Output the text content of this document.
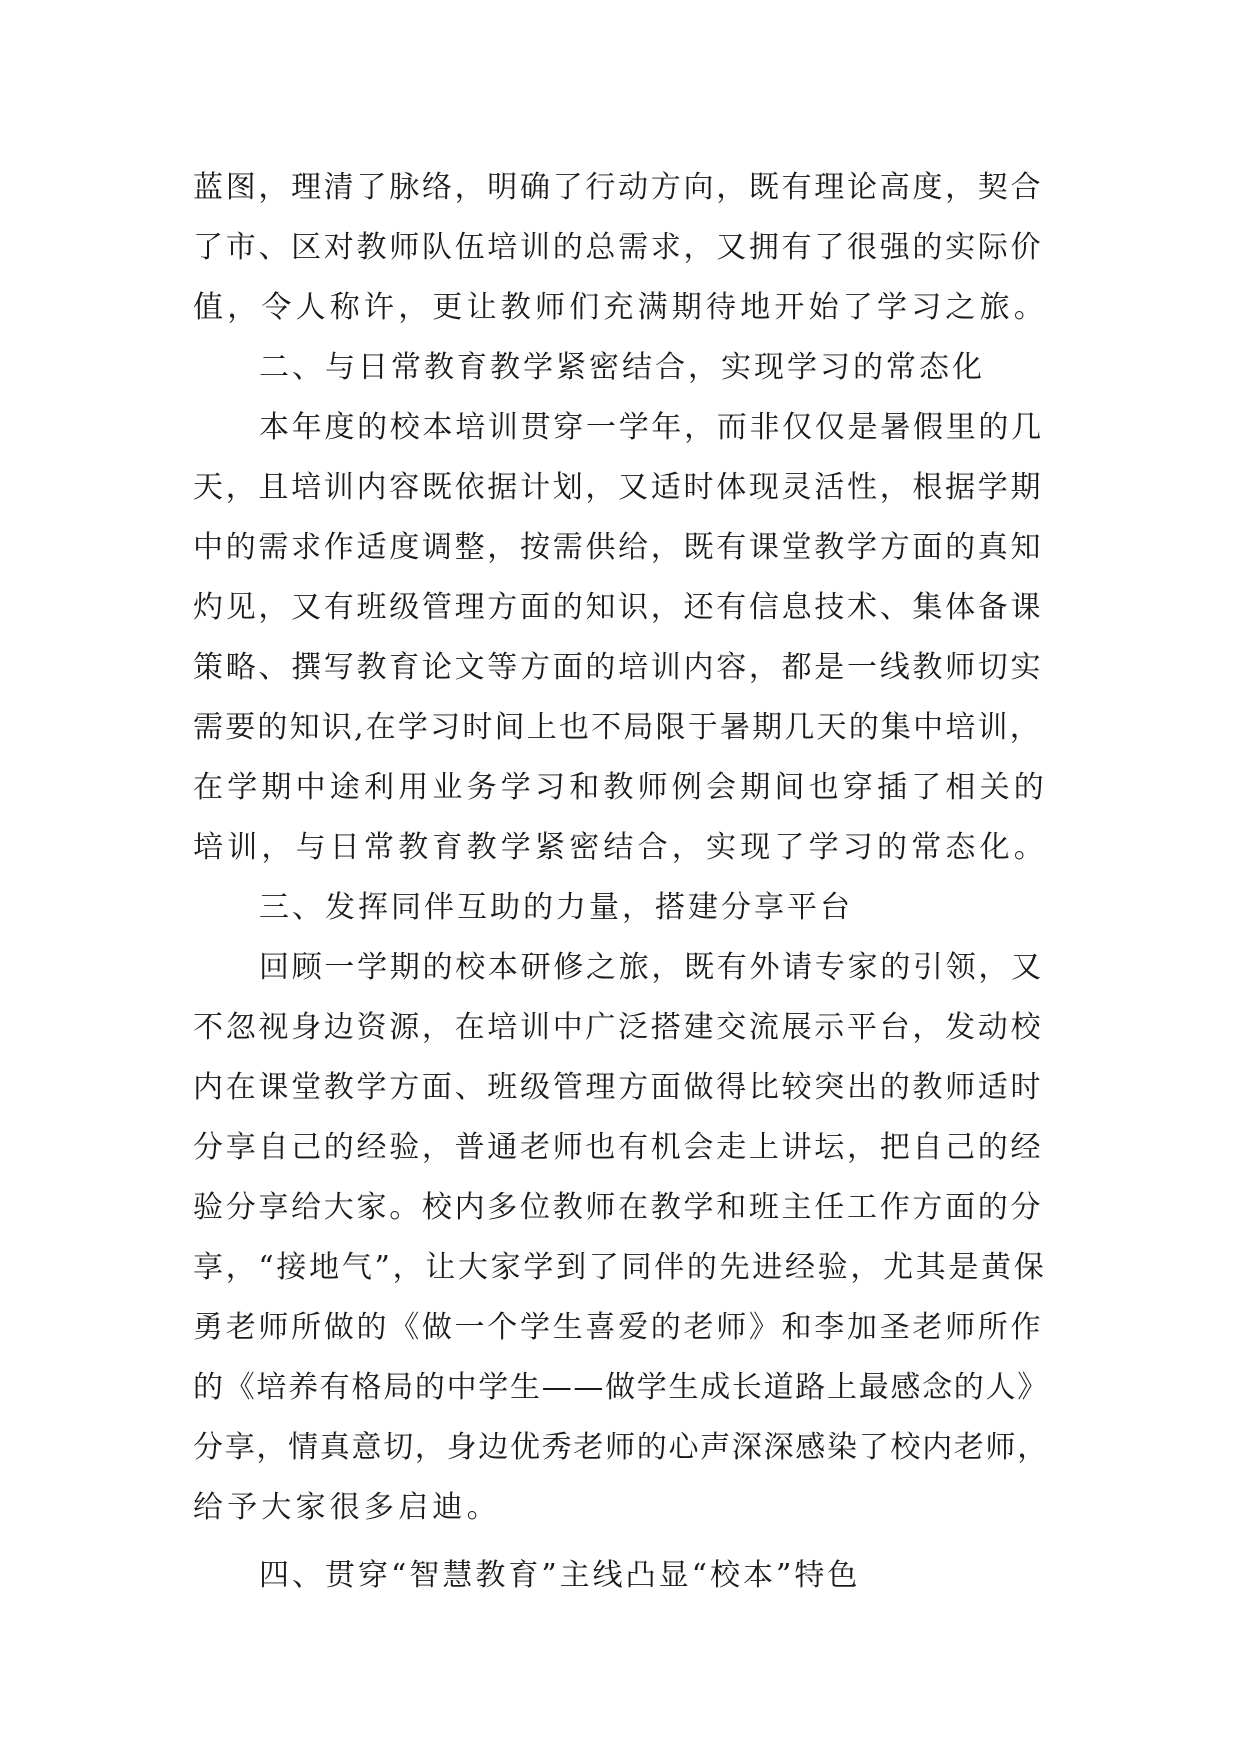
蓝图，理清了脉络，明确了行动方向，既有理论高度，契合
了市、区对教师队伍培训的总需求，又拥有了很强的实际价
值，令人称许，更让教师们充满期待地开始了学习之旅。
二、与日常教育教学紧密结合，实现学习的常态化
本年度的校本培训贯穿一学年，而非仅仅是暑假里的几
天，且培训内容既依据计划，又适时体现灵活性，根据学期
中的需求作适度调整，按需供给，既有课堂教学方面的真知
灼见，又有班级管理方面的知识，还有信息技术、集体备课
策略、撰写教育论文等方面的培训内容，都是一线教师切实
需要的知识,在学习时间上也不局限于暑期几天的集中培训，
在学期中途利用业务学习和教师例会期间也穿插了相关的
培训，与日常教育教学紧密结合，实现了学习的常态化。
三、发挥同伴互助的力量，搭建分享平台
回顾一学期的校本研修之旅，既有外请专家的引领，又
不忽视身边资源，在培训中广泛搭建交流展示平台，发动校
内在课堂教学方面、班级管理方面做得比较突出的教师适时
分享自己的经验，普通老师也有机会走上讲坛，把自己的经
验分享给大家。校内多位教师在教学和班主任工作方面的分
享，“接地气”，让大家学到了同伴的先进经验，尤其是黄保
勇老师所做的《做一个学生喜爱的老师》和李加圣老师所作
的《培养有格局的中学生——做学生成长道路上最感念的人》
分享，情真意切，身边优秀老师的心声深深感染了校内老师，
给予大家很多启迪。
四、贯穿“智慧教育”主线凸显“校本”特色
